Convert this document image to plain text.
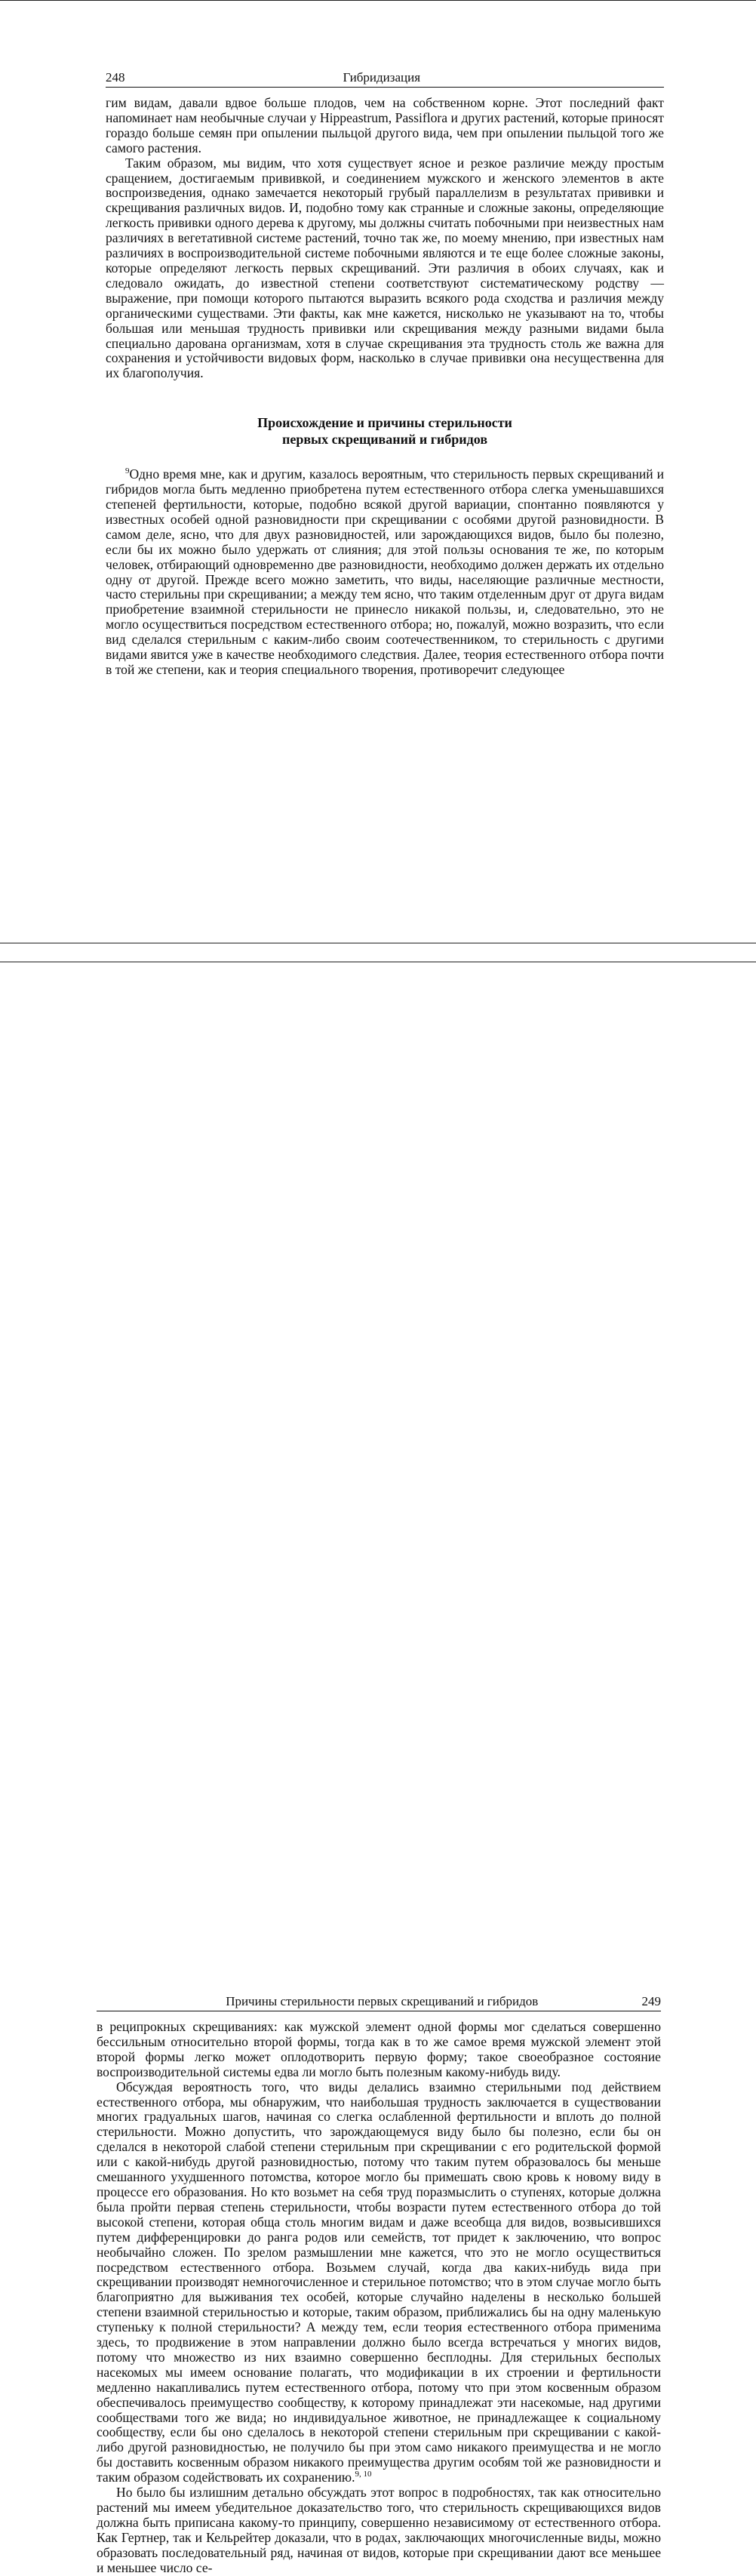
248	Гибридизация

гим видам, давали вдвое больше плодов, чем на собственном корне. Этот последний факт напоминает нам необычные случаи у Hippeastrum, Passiflora и других растений, которые приносят гораздо больше семян при опылении пыльцой другого вида, чем при опылении пыльцой того же самого растения.

Таким образом, мы видим, что хотя существует ясное и резкое различие между простым сращением, достигаемым прививкой, и соединением мужского и женского элементов в акте воспроизведения, однако замечается некоторый грубый параллелизм в результатах прививки и скрещивания различных видов. И, подобно тому как странные и сложные законы, определяющие легкость прививки одного дерева к другому, мы должны считать побочными при неизвестных нам различиях в вегетативной системе растений, точно так же, по моему мнению, при известных нам различиях в воспроизводительной системе побочными являются и те еще более сложные законы, которые определяют легкость первых скрещиваний. Эти различия в обоих случаях, как и следовало ожидать, до известной степени соответствуют систематическому родству — выражение, при помощи которого пытаются выразить всякого рода сходства и различия между органическими существами. Эти факты, как мне кажется, нисколько не указывают на то, чтобы большая или меньшая трудность прививки или скрещивания между разными видами была специально дарована организмам, хотя в случае скрещивания эта трудность столь же важна для сохранения и устойчивости видовых форм, насколько в случае прививки она несущественна для их благополучия.

Происхождение и причины стерильности
первых скрещиваний и гибридов

$^9$Одно время мне, как и другим, казалось вероятным, что стерильность первых скрещиваний и гибридов могла быть медленно приобретена путем естественного отбора слегка уменьшавшихся степеней фертильности, которые, подобно всякой другой вариации, спонтанно появляются у известных особей одной разновидности при скрещивании с особями другой разновидности. В самом деле, ясно, что для двух разновидностей, или зарождающихся видов, было бы полезно, если бы их можно было удержать от слияния; для этой пользы основания те же, по которым человек, отбирающий одновременно две разновидности, необходимо должен держать их отдельно одну от другой. Прежде всего можно заметить, что виды, населяющие различные местности, часто стерильны при скрещивании; а между тем ясно, что таким отделенным друг от друга видам приобретение взаимной стерильности не принесло никакой пользы, и, следовательно, это не могло осуществиться посредством естественного отбора; но, пожалуй, можно возразить, что если вид сделался стерильным с каким-либо своим соотечественником, то стерильность с другими видами явится уже в качестве необходимого следствия. Далее, теория естественного отбора почти в той же степени, как и теория специального творения, противоречит следующее

Причины стерильности первых скрещиваний и гибридов	249

в реципрокных скрещиваниях: как мужской элемент одной формы мог сделаться совершенно бессильным относительно второй формы, тогда как в то же самое время мужской элемент этой второй формы легко может оплодотворить первую форму; такое своеобразное состояние воспроизводительной системы едва ли могло быть полезным какому-нибудь виду.

Обсуждая вероятность того, что виды делались взаимно стерильными под действием естественного отбора, мы обнаружим, что наибольшая трудность заключается в существовании многих градуальных шагов, начиная со слегка ослабленной фертильности и вплоть до полной стерильности. Можно допустить, что зарождающемуся виду было бы полезно, если бы он сделался в некоторой слабой степени стерильным при скрещивании с его родительской формой или с какой-нибудь другой разновидностью, потому что таким путем образовалось бы меньше смешанного ухудшенного потомства, которое могло бы примешать свою кровь к новому виду в процессе его образования. Но кто возьмет на себя труд поразмыслить о ступенях, которые должна была пройти первая степень стерильности, чтобы возрасти путем естественного отбора до той высокой степени, которая обща столь многим видам и даже всеобща для видов, возвысившихся путем дифференцировки до ранга родов или семейств, тот придет к заключению, что вопрос необычайно сложен. По зрелом размышлении мне кажется, что это не могло осуществиться посредством естественного отбора. Возьмем случай, когда два каких-нибудь вида при скрещивании производят немногочисленное и стерильное потомство; что в этом случае могло быть благоприятно для выживания тех особей, которые случайно наделены в несколько большей степени взаимной стерильностью и которые, таким образом, приближались бы на одну маленькую ступеньку к полной стерильности? А между тем, если теория естественного отбора применима здесь, то продвижение в этом направлении должно было всегда встречаться у многих видов, потому что множество из них взаимно совершенно бесплодны. Для стерильных бесполых насекомых мы имеем основание полагать, что модификации в их строении и фертильности медленно накапливались путем естественного отбора, потому что при этом косвенным образом обеспечивалось преимущество сообществу, к которому принадлежат эти насекомые, над другими сообществами того же вида; но индивидуальное животное, не принадлежащее к социальному сообществу, если бы оно сделалось в некоторой степени стерильным при скрещивании с какой-либо другой разновидностью, не получило бы при этом само никакого преимущества и не могло бы доставить косвенным образом никакого преимущества другим особям той же разновидности и таким образом содействовать их сохранению.$^{9, 10}$

Но было бы излишним детально обсуждать этот вопрос в подробностях, так как относительно растений мы имеем убедительное доказательство того, что стерильность скрещивающихся видов должна быть приписана какому-то принципу, совершенно независимому от естественного отбора. Как Гертнер, так и Кельрейтер доказали, что в родах, заключающих многочисленные виды, можно образовать последовательный ряд, начиная от видов, которые при скрещивании дают все меньшее и меньшее число се-
